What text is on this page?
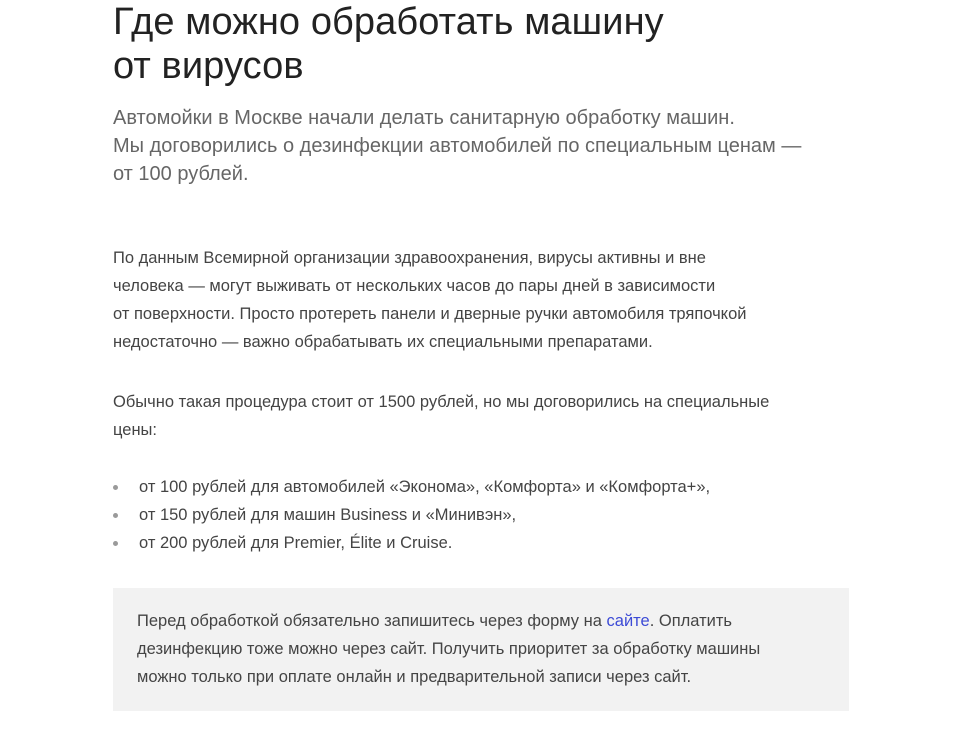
Где можно обработать машину
от вирусов

Автомойки в Москве начали делать санитарную обработку машин.
Мы договорились о дезинфекции автомобилей по специальным ценам —
от 100 рублей.

По данным Всемирной организации здравоохранения, вирусы активны и вне
человека — могут выживать от нескольких часов до пары дней в зависимости
от поверхности. Просто протереть панели и дверные ручки автомобиля тряпочкой
недостаточно — важно обрабатывать их специальными препаратами.

Обычно такая процедура стоит от 1500 рублей, но мы договорились на специальные
цены:

от 100 рублей для автомобилей «Эконома», «Комфорта» и «Комфорта+»,
от 150 рублей для машин Business и «Минивэн»,
от 200 рублей для Premier, Élite и Cruise.

Перед обработкой обязательно запишитесь через форму на сайте. Оплатить
дезинфекцию тоже можно через сайт. Получить приоритет за обработку машины
можно только при оплате онлайн и предварительной записи через сайт.
